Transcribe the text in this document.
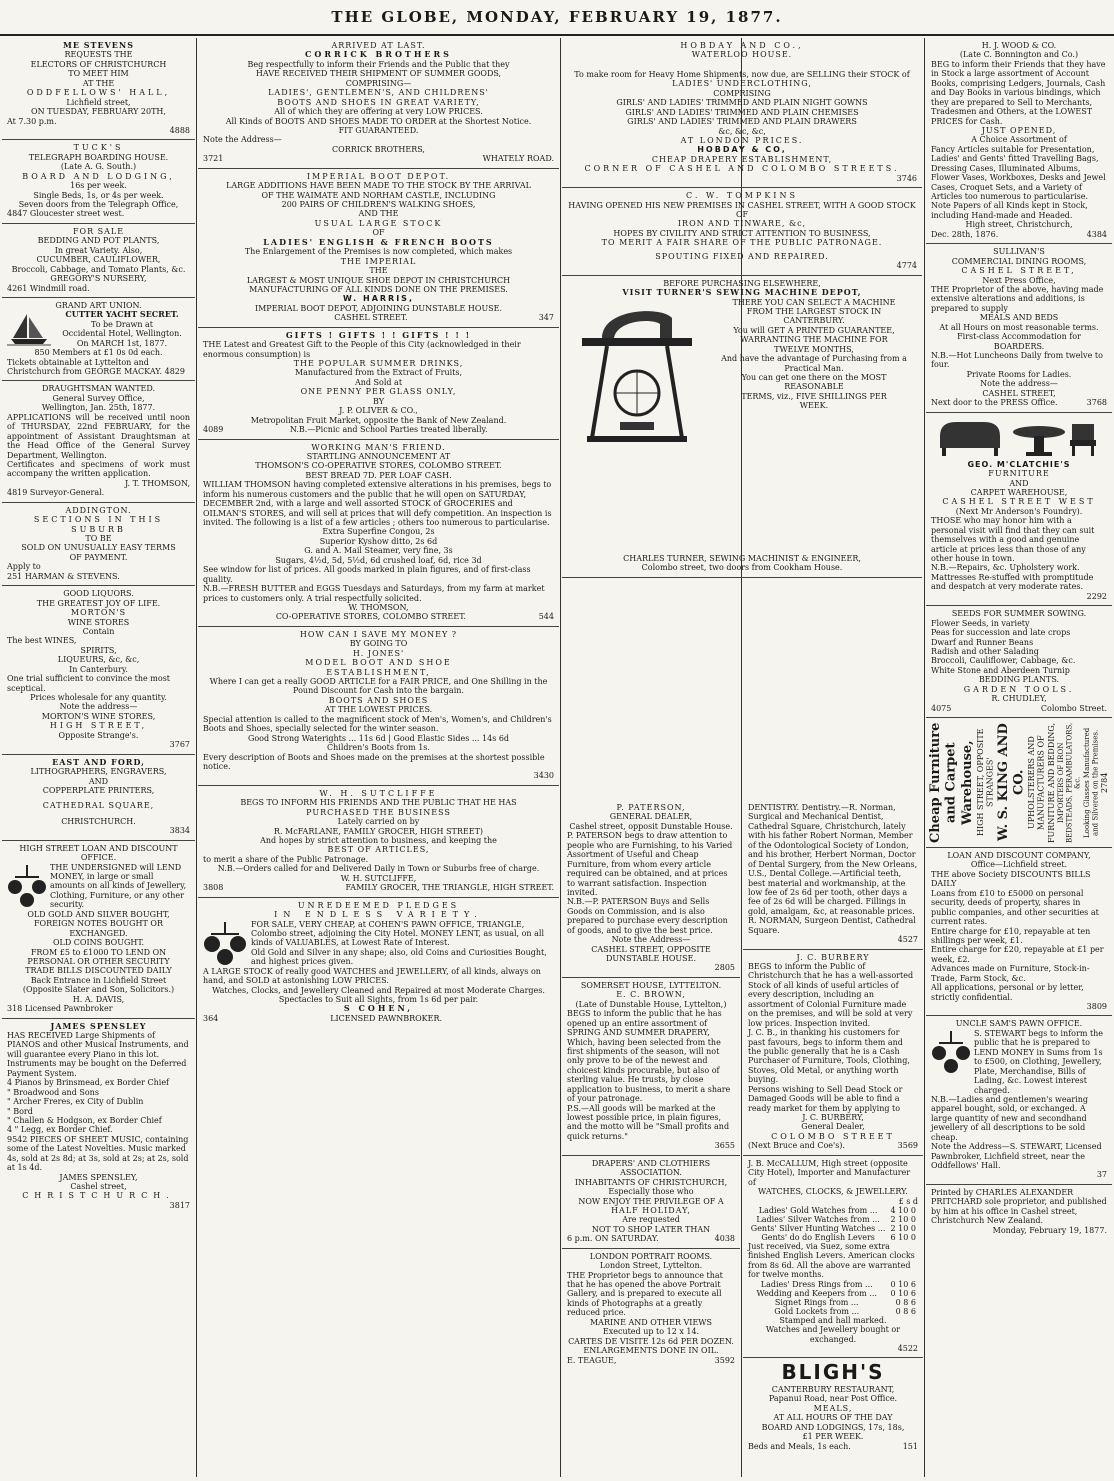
THE GLOBE, MONDAY, FEBRUARY 19, 1877.

ME STEVENS

REQUESTS THE

ELECTORS OF CHRISTCHURCH

TO MEET HIM

AT THE

ODDFELLOWS' HALL,

Lichfield street,

ON TUESDAY, FEBRUARY 20TH,

At 7.30 p.m.

4888

TUCK'S

TELEGRAPH BOARDING HOUSE.

(Late A. G. South.)

BOARD AND LODGING,

16s per week.

Single Beds, 1s, or 4s per week.

Seven doors from the Telegraph Office,

4847 Gloucester street west.

FOR SALE

BEDDING AND POT PLANTS,

In great Variety. Also,

CUCUMBER, CAULIFLOWER,

Broccoli, Cabbage, and Tomato Plants, &c.

GREGORY'S NURSERY,

4261 Windmill road.

GRAND ART UNION.

CUTTER YACHT SECRET.

To be Drawn at

Occidental Hotel, Wellington.

On MARCH 1st, 1877.

850 Members at £1 0s 0d each.

Tickets obtainable at Lyttelton and Christchurch from GEORGE MACKAY. 4829

DRAUGHTSMAN WANTED.

General Survey Office,

Wellington, Jan. 25th, 1877.

APPLICATIONS will be received until noon of THURSDAY, 22nd FEBRUARY, for the appointment of Assistant Draughtsman at the Head Office of the General Survey Department, Wellington.

Certificates and specimens of work must accompany the written application.

J. T. THOMSON,

4819 Surveyor-General.

ADDINGTON.

SECTIONS IN THIS SUBURB

TO BE

SOLD ON UNUSUALLY EASY TERMS

OF PAYMENT.

Apply to

251 HARMAN & STEVENS.

GOOD LIQUORS.

THE GREATEST JOY OF LIFE.

MORTON'S

WINE STORES

Contain

The best WINES,

SPIRITS,

LIQUEURS, &c, &c,

In Canterbury.

One trial sufficient to convince the most sceptical.

Prices wholesale for any quantity.

Note the address—

MORTON'S WINE STORES,

HIGH STREET,

Opposite Strange's.

3767

EAST AND FORD,

LITHOGRAPHERS, ENGRAVERS,

AND

COPPERPLATE PRINTERS,

CATHEDRAL SQUARE,

CHRISTCHURCH.

3834

HIGH STREET LOAN AND DISCOUNT OFFICE.

THE UNDERSIGNED will LEND MONEY, in large or small amounts on all kinds of Jewellery, Clothing, Furniture, or any other security.

OLD GOLD AND SILVER BOUGHT, FOREIGN NOTES BOUGHT OR EXCHANGED.

OLD COINS BOUGHT.

FROM £5 to £1000 TO LEND ON PERSONAL OR OTHER SECURITY

TRADE BILLS DISCOUNTED DAILY

Back Entrance in Lichfield Street

(Opposite Slater and Son, Solicitors.)

H. A. DAVIS,

318 Licensed Pawnbroker

JAMES SPENSLEY

HAS RECEIVED Large Shipments of PIANOS and other Musical Instruments, and will guarantee every Piano in this lot. Instruments may be bought on the Deferred Payment System.

4 Pianos by Brinsmead, ex Border Chief

" Broadwood and Sons

" Archer Freres, ex City of Dublin

" Bord

" Challen & Hodgson, ex Border Chief

4 " Legg, ex Border Chief.

9542 PIECES OF SHEET MUSIC, containing some of the Latest Novelties. Music marked 4s, sold at 2s 8d; at 3s, sold at 2s; at 2s, sold at 1s 4d.

JAMES SPENSLEY,

Cashel street,

CHRISTCHURCH.

3817

ARRIVED AT LAST.

CORRICK BROTHERS

Beg respectfully to inform their Friends and the Public that they

HAVE RECEIVED THEIR SHIPMENT OF SUMMER GOODS,

COMPRISING—

LADIES', GENTLEMEN'S, AND CHILDRENS'

BOOTS AND SHOES IN GREAT VARIETY,

All of which they are offering at very LOW PRICES.

All Kinds of BOOTS AND SHOES MADE TO ORDER at the Shortest Notice.

FIT GUARANTEED.

Note the Address—

CORRICK BROTHERS,

3721	WHATELY ROAD.

IMPERIAL BOOT DEPOT.

LARGE ADDITIONS HAVE BEEN MADE TO THE STOCK BY THE ARRIVAL

OF THE WAIMATE AND NORHAM CASTLE, INCLUDING

200 PAIRS OF CHILDREN'S WALKING SHOES,

AND THE

USUAL LARGE STOCK

OF

LADIES' ENGLISH & FRENCH BOOTS

The Enlargement of the Premises is now completed, which makes

THE IMPERIAL

THE

LARGEST & MOST UNIQUE SHOE DEPOT IN CHRISTCHURCH

MANUFACTURING OF ALL KINDS DONE ON THE PREMISES.

W. HARRIS,

IMPERIAL BOOT DEPOT, ADJOINING DUNSTABLE HOUSE.

CASHEL STREET.	347

GIFTS ! GIFTS ! ! GIFTS ! ! !

THE Latest and Greatest Gift to the People of this City (acknowledged in their enormous consumption) is

THE POPULAR SUMMER DRINKS,

Manufactured from the Extract of Fruits,

And Sold at

ONE PENNY PER GLASS ONLY,

BY

J. P. OLIVER & CO.,

Metropolitan Fruit Market, opposite the Bank of New Zealand.

4089	N.B.—Picnic and School Parties treated liberally.

WORKING MAN'S FRIEND.

STARTLING ANNOUNCEMENT AT

THOMSON'S CO-OPERATIVE STORES, COLOMBO STREET.

BEST BREAD 7D. PER LOAF CASH.

WILLIAM THOMSON having completed extensive alterations in his premises, begs to inform his numerous customers and the public that he will open on SATURDAY, DECEMBER 2nd, with a large and well assorted STOCK of GROCERIES and OILMAN'S STORES, and will sell at prices that will defy competition. An inspection is invited. The following is a list of a few articles ; others too numerous to particularise.

Extra Superfine Congou, 2s

Superior Kyshow ditto, 2s 6d

G. and A. Mail Steamer, very fine, 3s

Sugars, 4½d, 5d, 5½d, 6d crushed loaf, 6d, rice 3d

See window for list of prices. All goods marked in plain figures, and of first-class quality.

N.B.—FRESH BUTTER and EGGS Tuesdays and Saturdays, from my farm at market prices to customers only. A trial respectfully solicited.

W. THOMSON,

CO-OPERATIVE STORES, COLOMBO STREET.	544

HOW CAN I SAVE MY MONEY ?

BY GOING TO

H. JONES'

MODEL BOOT AND SHOE

ESTABLISHMENT,

Where I can get a really GOOD ARTICLE for a FAIR PRICE, and One Shilling in the Pound Discount for Cash into the bargain.

BOOTS AND SHOES

AT THE LOWEST PRICES.

Special attention is called to the magnificent stock of Men's, Women's, and Children's Boots and Shoes, specially selected for the winter season.

Good Strong Waterights ... 11s 6d | Good Elastic Sides ... 14s 6d

Children's Boots from 1s.

Every description of Boots and Shoes made on the premises at the shortest possible notice.

3430

W. H. SUTCLIFFE

BEGS TO INFORM HIS FRIENDS AND THE PUBLIC THAT HE HAS

PURCHASED THE BUSINESS

Lately carried on by

R. McFARLANE, FAMILY GROCER, HIGH STREET)

And hopes by strict attention to business, and keeping the

BEST OF ARTICLES,

to merit a share of the Public Patronage.

N.B.—Orders called for and Delivered Daily in Town or Suburbs free of charge.

W. H. SUTCLIFFE,

3808	FAMILY GROCER, THE TRIANGLE, HIGH STREET.

UNREDEEMED PLEDGES

IN ENDLESS VARIETY.

FOR SALE, VERY CHEAP, at COHEN'S PAWN OFFICE, TRIANGLE, Colombo street, adjoining the City Hotel. MONEY LENT, as usual, on all kinds of VALUABLES, at Lowest Rate of Interest.

Old Gold and Silver in any shape; also, old Coins and Curiosities Bought, and highest prices given.

A LARGE STOCK of really good WATCHES and JEWELLERY, of all kinds, always on hand, and SOLD at astonishing LOW PRICES.

Watches, Clocks, and Jewellery Cleaned and Repaired at most Moderate Charges.

Spectacles to Suit all Sights, from 1s 6d per pair.

S COHEN,

364	LICENSED PAWNBROKER.

HOBDAY AND CO.,

WATERLOO HOUSE.

To make room for Heavy Home Shipments, now due, are SELLING their STOCK of

LADIES' UNDERCLOTHING,

COMPRISING

GIRLS' AND LADIES' TRIMMED AND PLAIN NIGHT GOWNS

GIRLS' AND LADIES' TRIMMED AND PLAIN CHEMISES

GIRLS' AND LADIES' TRIMMED AND PLAIN DRAWERS

&c, &c, &c,

AT LONDON PRICES.

HOBDAY & CO,

CHEAP DRAPERY ESTABLISHMENT,

CORNER OF CASHEL AND COLOMBO STREETS.

3746

C. W. TOMPKINS

HAVING OPENED HIS NEW PREMISES IN CASHEL STREET, WITH A GOOD STOCK OF

IRON AND TINWARE, &c,

HOPES BY CIVILITY AND STRICT ATTENTION TO BUSINESS,

TO MERIT A FAIR SHARE OF THE PUBLIC PATRONAGE.

SPOUTING FIXED AND REPAIRED.

4774

BEFORE PURCHASING ELSEWHERE,

VISIT TURNER'S SEWING MACHINE DEPOT,

THERE YOU CAN SELECT A MACHINE

FROM THE LARGEST STOCK IN

CANTERBURY.

You will GET A PRINTED GUARANTEE,

WARRANTING THE MACHINE FOR

TWELVE MONTHS,

And have the advantage of Purchasing from a

Practical Man.

You can get one there on the MOST REASONABLE

TERMS, viz., FIVE SHILLINGS PER

WEEK.

CHARLES TURNER, SEWING MACHINIST & ENGINEER,

Colombo street, two doors from Cookham House.

P. PATERSON,

GENERAL DEALER,

Cashel street, opposit Dunstable House.

P. PATERSON begs to draw attention to people who are Furnishing, to his Varied Assortment of Useful and Cheap Furniture, from whom every article required can be obtained, and at prices to warrant satisfaction. Inspection invited.

N.B.—P. PATERSON Buys and Sells Goods on Commission, and is also prepared to purchase every description of goods, and to give the best price.

Note the Address—

CASHEL STREET, OPPOSITE DUNSTABLE HOUSE.

2805

SOMERSET HOUSE, LYTTELTON.

E. C. BROWN,

(Late of Dunstable House, Lyttelton,)

BEGS to inform the public that he has opened up an entire assortment of SPRING AND SUMMER DRAPERY,

Which, having been selected from the first shipments of the season, will not only prove to be of the newest and choicest kinds procurable, but also of sterling value. He trusts, by close application to business, to merit a share of your patronage.

P.S.—All goods will be marked at the lowest possible price, in plain figures, and the motto will be "Small profits and quick returns."

3655

DRAPERS' AND CLOTHIERS ASSOCIATION.

INHABITANTS OF CHRISTCHURCH,

Especially those who

NOW ENJOY THE PRIVILEGE OF A

HALF HOLIDAY,

Are requested

NOT TO SHOP LATER THAN

6 p.m. ON SATURDAY.	4038

LONDON PORTRAIT ROOMS.

London Street, Lyttelton.

THE Proprietor begs to announce that that he has opened the above Portrait Gallery, and is prepared to execute all kinds of Photographs at a greatly reduced price.

MARINE AND OTHER VIEWS

Executed up to 12 x 14.

CARTES DE VISITE 12s 6d PER DOZEN.

ENLARGEMENTS DONE IN OIL.

E. TEAGUE,	3592

DENTISTRY. Dentistry.—R. Norman, Surgical and Mechanical Dentist, Cathedral Square, Christchurch, lately with his father Robert Norman, Member of the Odontological Society of London, and his brother, Herbert Norman, Doctor of Dental Surgery, from the New Orleans, U.S., Dental College.—Artificial teeth, best material and workmanship, at the low fee of 2s 6d per tooth, other days a fee of 2s 6d will be charged. Fillings in gold, amalgam, &c, at reasonable prices. R. NORMAN, Surgeon Dentist, Cathedral Square.

4527

J. C. BURBERY

BEGS to inform the Public of Christchurch that he has a well-assorted Stock of all kinds of useful articles of every description, including an assortment of Colonial Furniture made on the premises, and will be sold at very low prices. Inspection invited.

J. C. B., in thanking his customers for past favours, begs to inform them and the public generally that he is a Cash Purchaser of Furniture, Tools, Clothing, Stoves, Old Metal, or anything worth buying.

Persons wishing to Sell Dead Stock or Damaged Goods will be able to find a ready market for them by applying to

J. C. BURBERY,

General Dealer,

COLOMBO STREET

(Next Bruce and Coe's).	3569

J. B. McCALLUM, High street (opposite City Hotel), Importer and Manufacturer of

WATCHES, CLOCKS, & JEWELLERY.

£ s d

Ladies' Gold Watches from ...	4 10 0
Ladies' Silver Watches from ...	2 10 0
Gents' Silver Hunting Watches ...	2 10 0
Gents' do do English Levers	6 10 0

Just received, via Suez, some extra finished English Levers. American clocks from 8s 6d. All the above are warranted for twelve months.

Ladies' Dress Rings from ...	0 10 6
Wedding and Keepers from ...	0 10 6
Signet Rings from ...	0 8 6
Gold Lockets from ...	0 8 6

Stamped and hall marked.

Watches and Jewellery bought or exchanged.

4522

BLIGH'S

CANTERBURY RESTAURANT,

Papanui Road, near Post Office.

MEALS,

AT ALL HOURS OF THE DAY

BOARD AND LODGINGS, 17s, 18s,

£1 PER WEEK.

Beds and Meals, 1s each.	151

H. J. WOOD & CO.

(Late C. Bonnington and Co.)

BEG to inform their Friends that they have in Stock a large assortment of Account Books, comprising Ledgers, Journals, Cash and Day Books in various bindings, which they are prepared to Sell to Merchants, Tradesmen and Others, at the LOWEST PRICES for Cash.

JUST OPENED,

A Choice Assortment of

Fancy Articles suitable for Presentation, Ladies' and Gents' fitted Travelling Bags, Dressing Cases, Illuminated Albums, Flower Vases, Workboxes, Desks and Jewel Cases, Croquet Sets, and a Variety of Articles too numerous to particularise.

Note Papers of all Kinds kept in Stock, including Hand-made and Headed.

High street, Christchurch,

Dec. 28th, 1876.	4384

SULLIVAN'S

COMMERCIAL DINING ROOMS,

CASHEL STREET,

Next Press Office,

THE Proprietor of the above, having made extensive alterations and additions, is prepared to supply

MEALS AND BEDS

At all Hours on most reasonable terms.

First-class Accommodation for BOARDERS.

N.B.—Hot Luncheons Daily from twelve to four.

Private Rooms for Ladies.

Note the address—

CASHEL STREET,

Next door to the PRESS Office.	3768

GEO. M'CLATCHIE'S

FURNITURE

AND

CARPET WAREHOUSE,

CASHEL STREET WEST

(Next Mr Anderson's Foundry).

THOSE who may honor him with a personal visit will find that they can suit themselves with a good and genuine article at prices less than those of any other house in town.

N.B.—Repairs, &c. Upholstery work. Mattresses Re-stuffed with promptitude and despatch at very moderate rates.

2292

SEEDS FOR SUMMER SOWING.

Flower Seeds, in variety

Peas for succession and late crops

Dwarf and Runner Beans

Radish and other Salading

Broccoli, Cauliflower, Cabbage, &c.

White Stone and Aberdeen Turnip

BEDDING PLANTS.

GARDEN TOOLS.

R. CHUDLEY,

4075	Colombo Street.

Cheap Furniture and Carpet Warehouse, HIGH STREET, OPPOSITE STRANGES' W. S. KING AND CO. UPHOLSTERERS AND MANUFACTURERS OF FURNITURE AND BEDDING, IMPORTERS OF IRON BEDSTEADS, PERAMBULATORS, &c. Looking Glasses Manufactured and Silvered on the Premises. 2784

LOAN AND DISCOUNT COMPANY,

Office—Lichfield street.

THE above Society DISCOUNTS BILLS DAILY

Loans from £10 to £5000 on personal security, deeds of property, shares in public companies, and other securities at current rates.

Entire charge for £10, repayable at ten shillings per week, £1.

Entire charge for £20, repayable at £1 per week, £2.

Advances made on Furniture, Stock-in-Trade, Farm Stock, &c.

All applications, personal or by letter, strictly confidential.

3809

UNCLE SAM'S PAWN OFFICE.

S. STEWART begs to inform the public that he is prepared to LEND MONEY in Sums from 1s to £500, on Clothing, Jewellery, Plate, Merchandise, Bills of Lading, &c. Lowest interest charged.

N.B.—Ladies and gentlemen's wearing apparel bought, sold, or exchanged. A large quantity of new and secondhand jewellery of all descriptions to be sold cheap.

Note the Address—S. STEWART, Licensed Pawnbroker, Lichfield street, near the Oddfellows' Hall.

37

Printed by CHARLES ALEXANDER PRITCHARD sole proprietor, and published by him at his office in Cashel street, Christchurch New Zealand.

Monday, February 19, 1877.
